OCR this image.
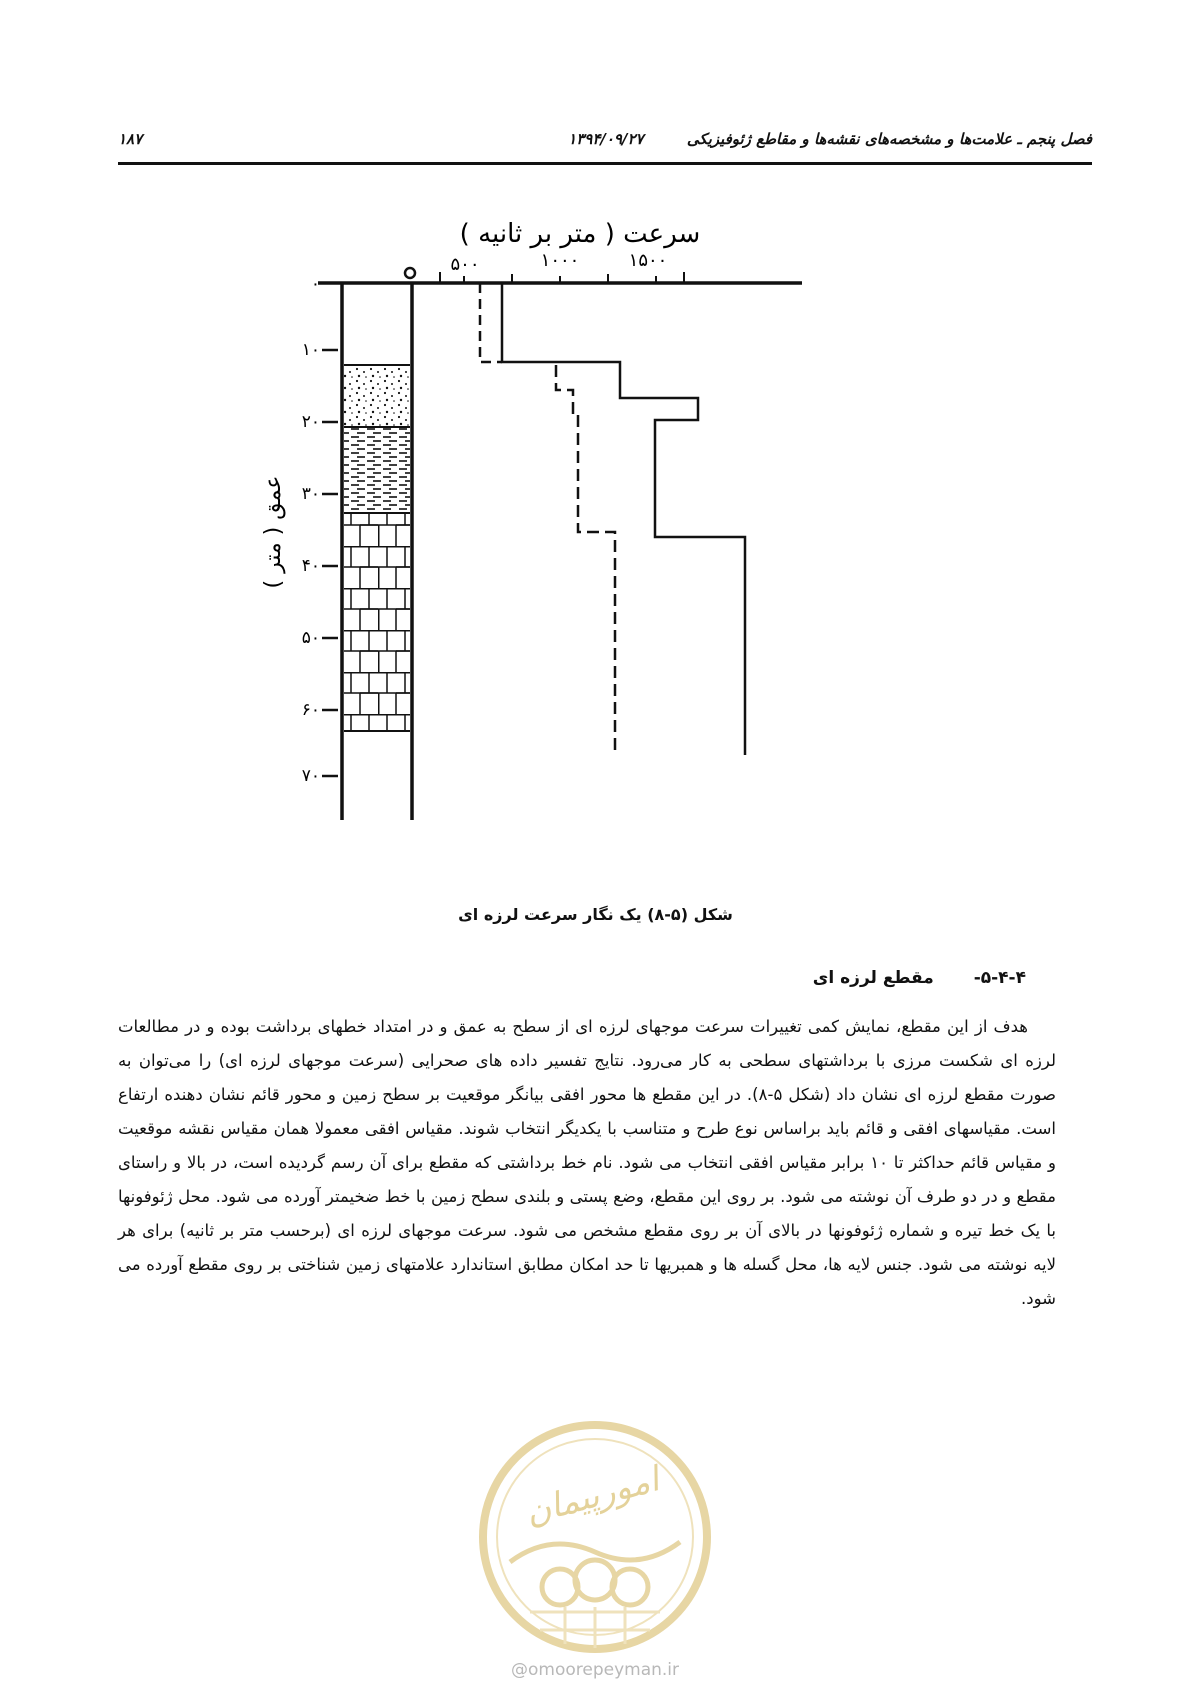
فصل پنجم ـ علامت‌ها و مشخصه‌های نقشه‌ها و مقاطع ژئوفیزیکی ۱۳۹۴/۰۹/۲۷
۱۸۷
سرعت ( متر بر ثانیه )
۵۰۰	۱۰۰۰	۱۵۰۰
۰
۱۰
۲۰
۳۰
۴۰
۵۰
۶۰
۷۰
عمق ( متر )
شکل (۵-۸) یک نگار سرعت لرزه ای
۵-۴-۴- مقطع لرزه ای

هدف از این مقطع، نمایش کمی تغییرات سرعت موجهای لرزه ای از سطح به عمق و در امتداد خطهای برداشت بوده و در مطالعات لرزه ای شکست مرزی با برداشتهای سطحی به کار می‌رود. نتایج تفسیر داده های صحرایی (سرعت موجهای لرزه ای) را می‌توان به صورت مقطع لرزه ای نشان داد (شکل ۵-۸). در این مقطع ها محور افقی بیانگر موقعیت بر سطح زمین و محور قائم نشان دهنده ارتفاع است. مقیاسهای افقی و قائم باید براساس نوع طرح و متناسب با یکدیگر انتخاب شوند. مقیاس افقی معمولا همان مقیاس نقشه موقعیت و مقیاس قائم حداکثر تا ۱۰ برابر مقیاس افقی انتخاب می شود. نام خط برداشتی که مقطع برای آن رسم گردیده است، در بالا و راستای مقطع و در دو طرف آن نوشته می شود. بر روی این مقطع، وضع پستی و بلندی سطح زمین با خط ضخیمتر آورده می شود. محل ژئوفونها با یک خط تیره و شماره ژئوفونها در بالای آن بر روی مقطع مشخص می شود. سرعت موجهای لرزه ای (برحسب متر بر ثانیه) برای هر لایه نوشته می شود. جنس لایه ها، محل گسله ها و همبریها تا حد امکان مطابق استاندارد علامتهای زمین شناختی بر روی مقطع آورده می شود.

امورپیمان
@omoorepeyman.ir
